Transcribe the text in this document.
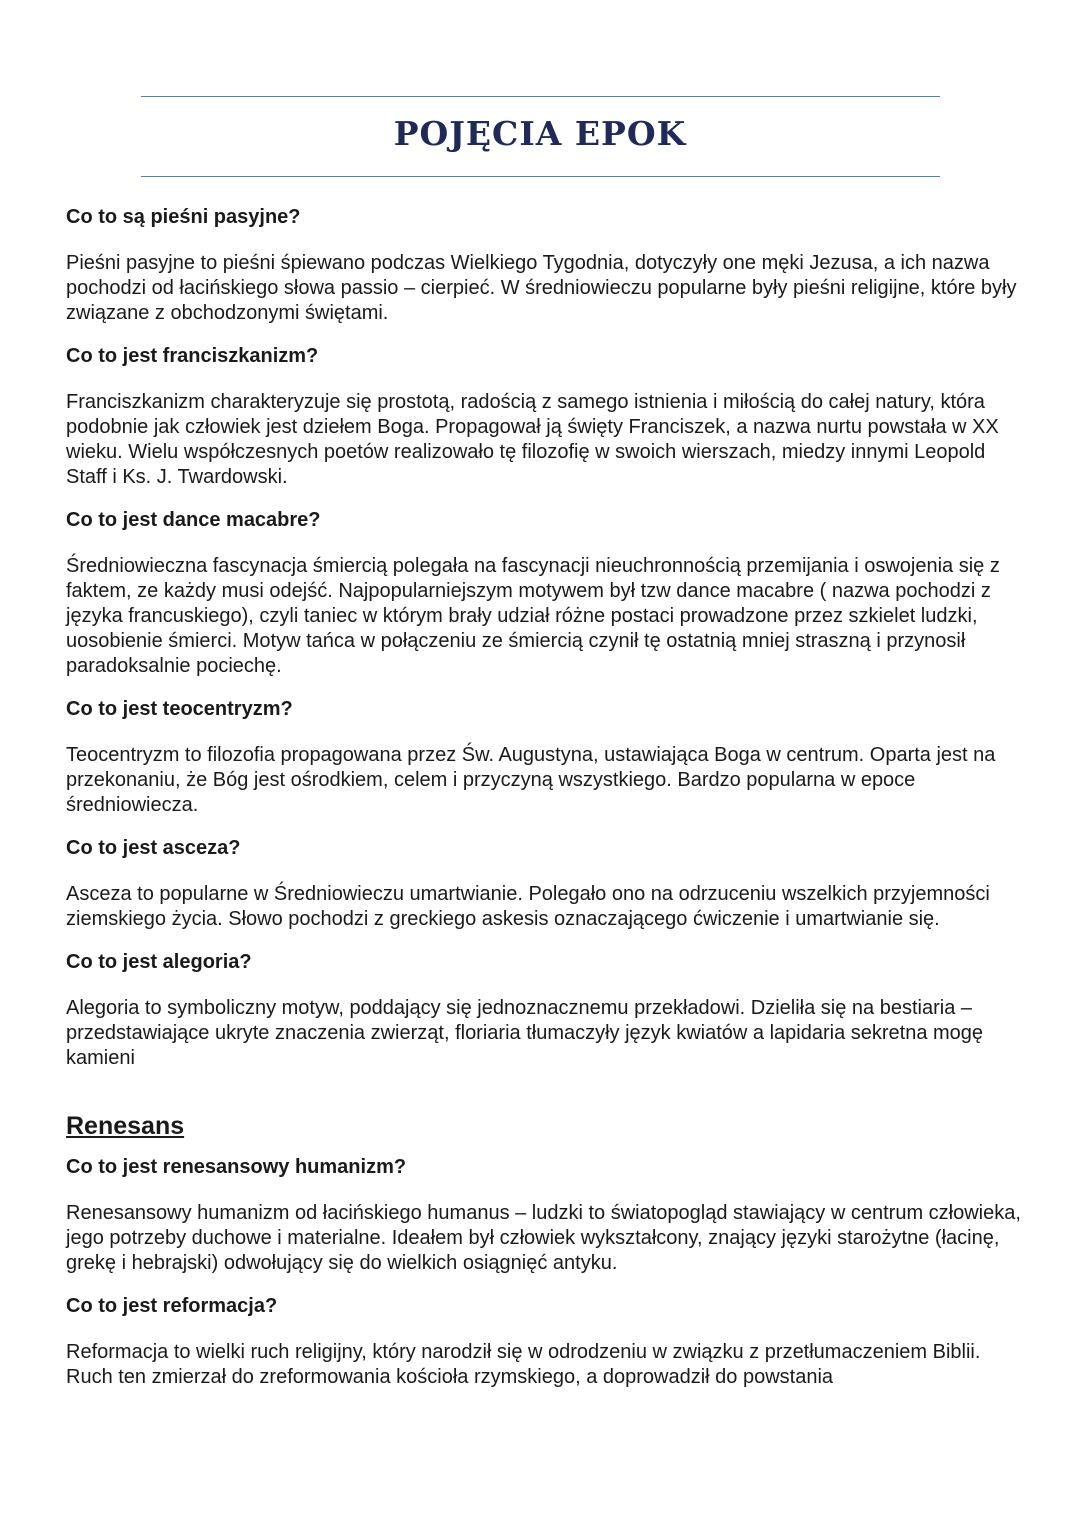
POJĘCIA EPOK

Co to są pieśni pasyjne?

Pieśni pasyjne to pieśni śpiewano podczas Wielkiego Tygodnia, dotyczyły one męki Jezusa, a ich nazwa pochodzi od łacińskiego słowa passio – cierpieć. W średniowieczu popularne były pieśni religijne, które były związane z obchodzonymi świętami.

Co to jest franciszkanizm?

Franciszkanizm charakteryzuje się prostotą, radością z samego istnienia i miłością do całej natury, która podobnie jak człowiek jest dziełem Boga. Propagował ją święty Franciszek, a nazwa nurtu powstała w XX wieku. Wielu współczesnych poetów realizowało tę filozofię w swoich wierszach, miedzy innymi Leopold Staff i Ks. J. Twardowski.

Co to jest dance macabre?

Średniowieczna fascynacja śmiercią polegała na fascynacji nieuchronnością przemijania i oswojenia się z faktem, ze każdy musi odejść. Najpopularniejszym motywem był tzw dance macabre ( nazwa pochodzi z języka francuskiego), czyli taniec w którym brały udział różne postaci prowadzone przez szkielet ludzki, uosobienie śmierci. Motyw tańca w połączeniu ze śmiercią czynił tę ostatnią mniej straszną i przynosił paradoksalnie pociechę.

Co to jest teocentryzm?

Teocentryzm to filozofia propagowana przez Św. Augustyna, ustawiająca Boga w centrum. Oparta jest na przekonaniu, że Bóg jest ośrodkiem, celem i przyczyną wszystkiego. Bardzo popularna w epoce średniowiecza.

Co to jest asceza?

Asceza to popularne w Średniowieczu umartwianie. Polegało ono na odrzuceniu wszelkich przyjemności ziemskiego życia. Słowo pochodzi z greckiego askesis oznaczającego ćwiczenie i umartwianie się.

Co to jest alegoria?

Alegoria to symboliczny motyw, poddający się jednoznacznemu przekładowi. Dzieliła się na bestiaria – przedstawiające ukryte znaczenia zwierząt, floriaria tłumaczyły język kwiatów a lapidaria sekretna mogę kamieni

Renesans

Co to jest renesansowy humanizm?

Renesansowy humanizm od łacińskiego humanus – ludzki to światopogląd stawiający w centrum człowieka, jego potrzeby duchowe i materialne. Ideałem był człowiek wykształcony, znający języki starożytne (łacinę, grekę i hebrajski) odwołujący się do wielkich osiągnięć antyku.

Co to jest reformacja?

Reformacja to wielki ruch religijny, który narodził się w odrodzeniu w związku z przetłumaczeniem Biblii. Ruch ten zmierzał do zreformowania kościoła rzymskiego, a doprowadził do powstania
